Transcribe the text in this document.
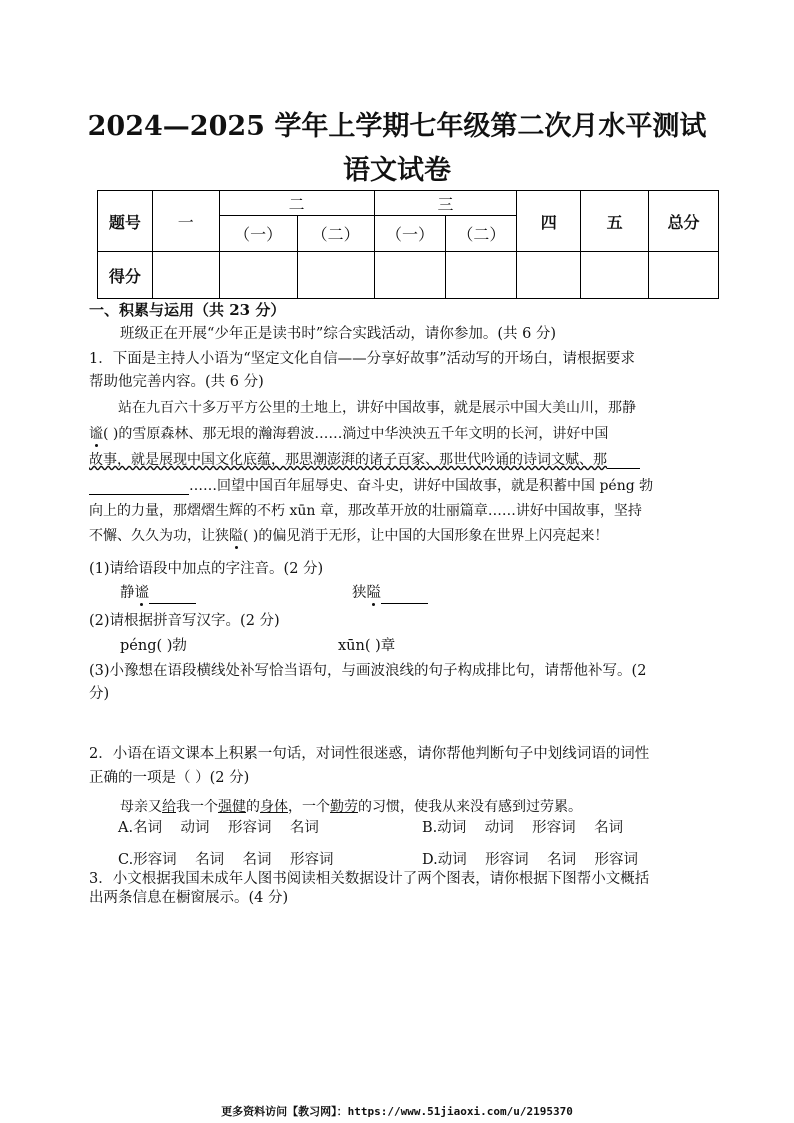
2024—2025 学年上学期七年级第二次月水平测试
语文试卷
题号	一	二		三		四	五	总分
		（一）	（二）	（一）	（二）			
得分								
一、积累与运用（共 23 分）
班级正在开展“少年正是读书时”综合实践活动，请你参加。(共 6 分)
1．下面是主持人小语为“坚定文化自信——分享好故事”活动写的开场白，请根据要求
帮助他完善内容。(共 6 分)
站在九百六十多万平方公里的土地上，讲好中国故事，就是展示中国大美山川，那静
谧( )的雪原森林、那无垠的瀚海碧波……淌过中华泱泱五千年文明的长河，讲好中国
故事，就是展现中国文化底蕴，那思潮澎湃的诸子百家、那世代吟诵的诗词文赋、那
……回望中国百年屈辱史、奋斗史，讲好中国故事，就是积蓄中国 péng 勃
向上的力量，那熠熠生辉的不朽 xūn 章，那改革开放的壮丽篇章……讲好中国故事，坚持
不懈、久久为功，让狭隘( )的偏见消于无形，让中国的大国形象在世界上闪亮起来！
(1)请给语段中加点的字注音。(2 分)
静谧	狭隘
(2)请根据拼音写汉字。(2 分)
péng( )勃	xūn( )章
(3)小豫想在语段横线处补写恰当语句，与画波浪线的句子构成排比句，请帮他补写。(2
分)
2．小语在语文课本上积累一句话，对词性很迷惑，请你帮他判断句子中划线词语的词性
正确的一项是（ ）(2 分)
母亲又给我一个强健的身体，一个勤劳的习惯，使我从来没有感到过劳累。
A.名词    动词    形容词    名词	B.动词    动词    形容词    名词
C.形容词    名词    名词    形容词	D.动词    形容词    名词    形容词
3．小文根据我国未成年人图书阅读相关数据设计了两个图表，请你根据下图帮小文概括
出两条信息在橱窗展示。(4 分)
更多资料访问【教习网】：https://www.51jiaoxi.com/u/2195370
